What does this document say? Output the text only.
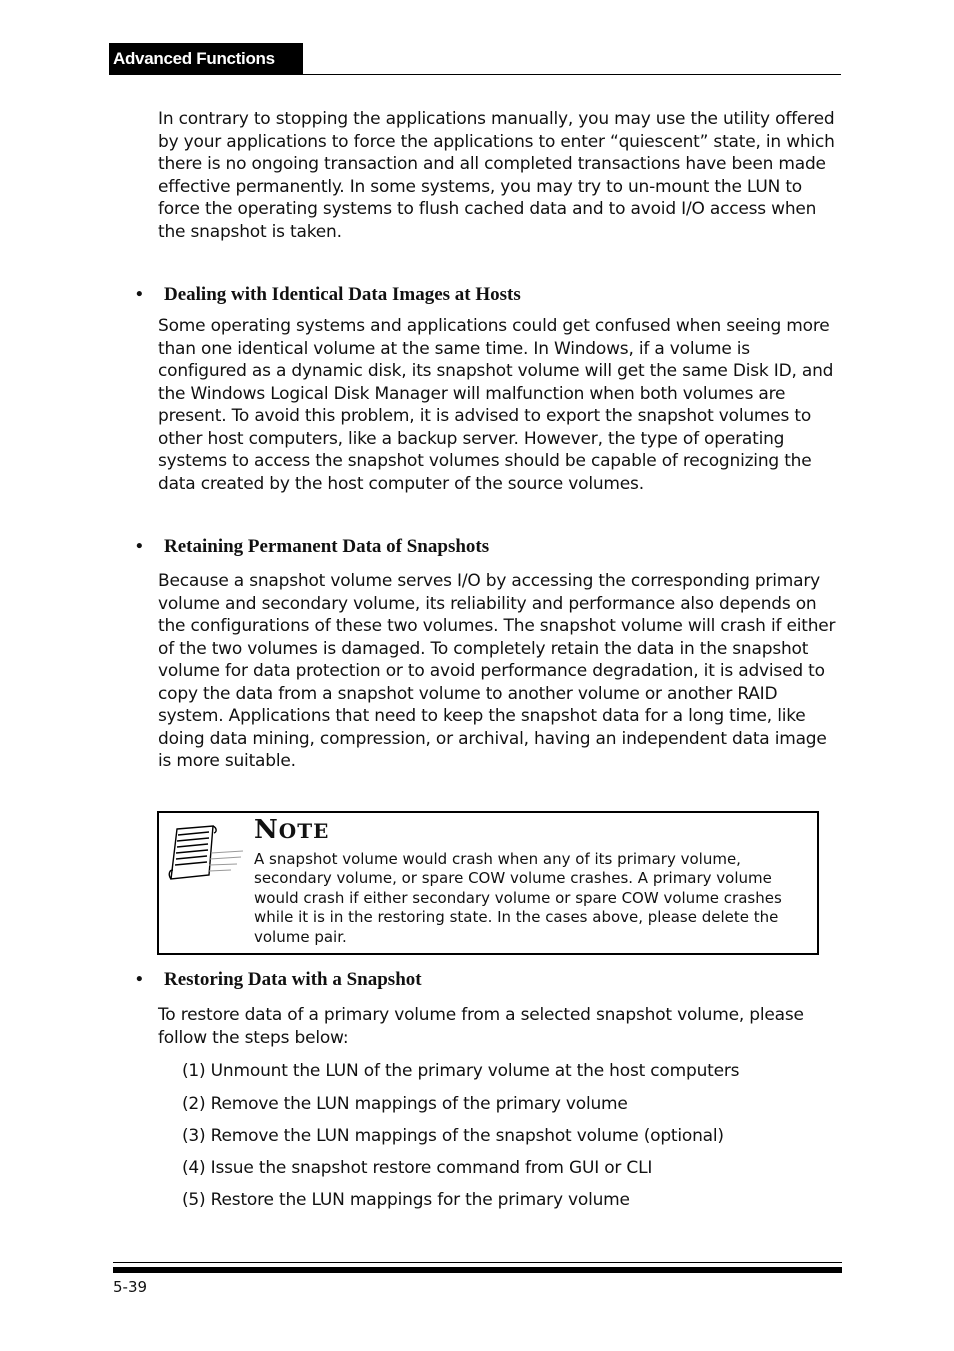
Advanced Functions

In contrary to stopping the applications manually, you may use the utility offered by your applications to force the applications to enter “quiescent” state, in which there is no ongoing transaction and all completed transactions have been made effective permanently. In some systems, you may try to un-mount the LUN to force the operating systems to flush cached data and to avoid I/O access when the snapshot is taken.

• Dealing with Identical Data Images at Hosts

Some operating systems and applications could get confused when seeing more than one identical volume at the same time. In Windows, if a volume is configured as a dynamic disk, its snapshot volume will get the same Disk ID, and the Windows Logical Disk Manager will malfunction when both volumes are present. To avoid this problem, it is advised to export the snapshot volumes to other host computers, like a backup server. However, the type of operating systems to access the snapshot volumes should be capable of recognizing the data created by the host computer of the source volumes.

• Retaining Permanent Data of Snapshots

Because a snapshot volume serves I/O by accessing the corresponding primary volume and secondary volume, its reliability and performance also depends on the configurations of these two volumes. The snapshot volume will crash if either of the two volumes is damaged. To completely retain the data in the snapshot volume for data protection or to avoid performance degradation, it is advised to copy the data from a snapshot volume to another volume or another RAID system. Applications that need to keep the snapshot data for a long time, like doing data mining, compression, or archival, having an independent data image is more suitable.

NOTE

A snapshot volume would crash when any of its primary volume, secondary volume, or spare COW volume crashes. A primary volume would crash if either secondary volume or spare COW volume crashes while it is in the restoring state. In the cases above, please delete the volume pair.

• Restoring Data with a Snapshot

To restore data of a primary volume from a selected snapshot volume, please follow the steps below:

(1) Unmount the LUN of the primary volume at the host computers

(2) Remove the LUN mappings of the primary volume

(3) Remove the LUN mappings of the snapshot volume (optional)

(4) Issue the snapshot restore command from GUI or CLI

(5) Restore the LUN mappings for the primary volume

5-39
